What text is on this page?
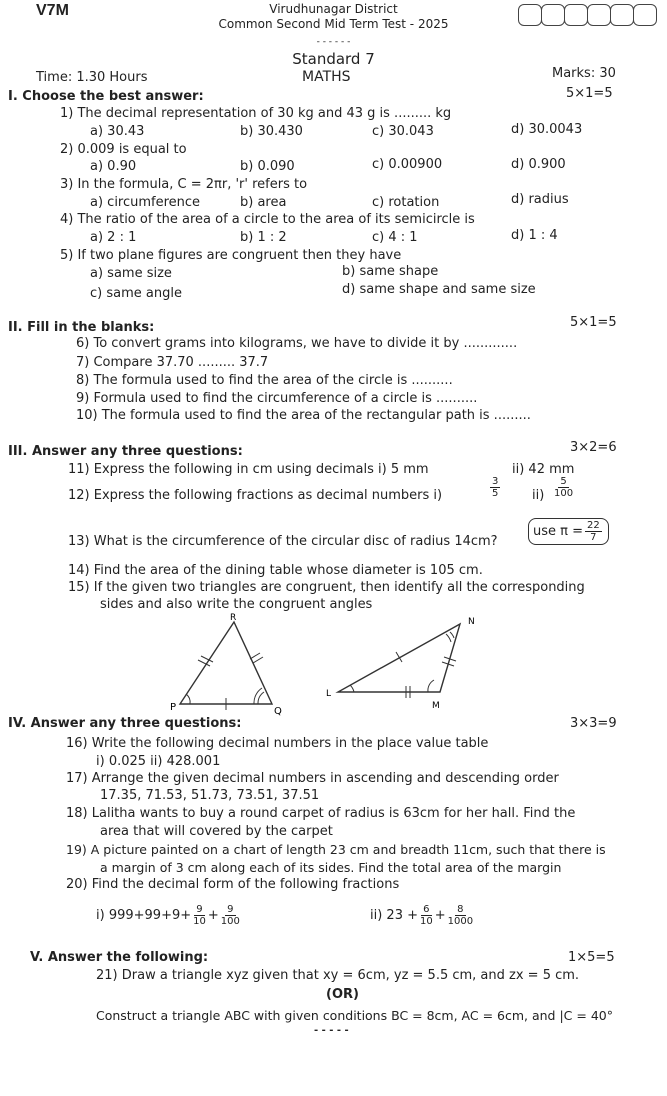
V7M	Virudhunagar District
Common Second Mid Term Test - 2025
Standard 7
- - - - - -
Time: 1.30 Hours	MATHS	Marks: 30
I. Choose the best answer:	5×1=5
1) The decimal representation of 30 kg and 43 g is ......... kg
a) 30.43	b) 30.430	c) 30.043	d) 30.0043
2) 0.009 is equal to
a) 0.90	b) 0.090	c) 0.00900	d) 0.900
3) In the formula, C = 2πr, 'r' refers to
a) circumference	b) area	c) rotation	d) radius
4) The ratio of the area of a circle to the area of its semicircle is
a) 2 : 1	b) 1 : 2	c) 4 : 1	d) 1 : 4
5) If two plane figures are congruent then they have
a) same size	b) same shape
c) same angle	d) same shape and same size
II. Fill in the blanks:	5×1=5
6) To convert grams into kilograms, we have to divide it by .............
7) Compare 37.70 ......... 37.7
8) The formula used to find the area of the circle is ..........
9) Formula used to find the circumference of a circle is ..........
10) The formula used to find the area of the rectangular path is .........
III. Answer any three questions:	3×2=6
11) Express the following in cm using decimals i) 5 mm	ii) 42 mm
12) Express the following fractions as decimal numbers i)	$\frac{3}{5} ii) \frac{5}{100}$
13) What is the circumference of the circular disc of radius 14cm?
use $\pi = \frac{22}{7}$
14) Find the area of the dining table whose diameter is 105 cm.
15) If the given two triangles are congruent, then identify all the corresponding
sides and also write the congruent angles
R
P	Q
N
L
M
IV. Answer any three questions:	3×3=9
16) Write the following decimal numbers in the place value table
i) 0.025 ii) 428.001
17) Arrange the given decimal numbers in ascending and descending order
17.35, 71.53, 51.73, 73.51, 37.51
18) Lalitha wants to buy a round carpet of radius is 63cm for her hall. Find the
area that will covered by the carpet
19) A picture painted on a chart of length 23 cm and breadth 11cm, such that there is
a margin of 3 cm along each of its sides. Find the total area of the margin
20) Find the decimal form of the following fractions
i) $999+99+9+ \frac{9}{10} + \frac{9}{100}$	ii) $23 + \frac{6}{10} + \frac{8}{1000}$
V. Answer the following:	1×5=5
21) Draw a triangle xyz given that xy = 6cm, yz = 5.5 cm, and zx = 5 cm.
(OR)
Construct a triangle ABC with given conditions BC = 8cm, AC = 6cm, and |C = 40°
- - - - -
